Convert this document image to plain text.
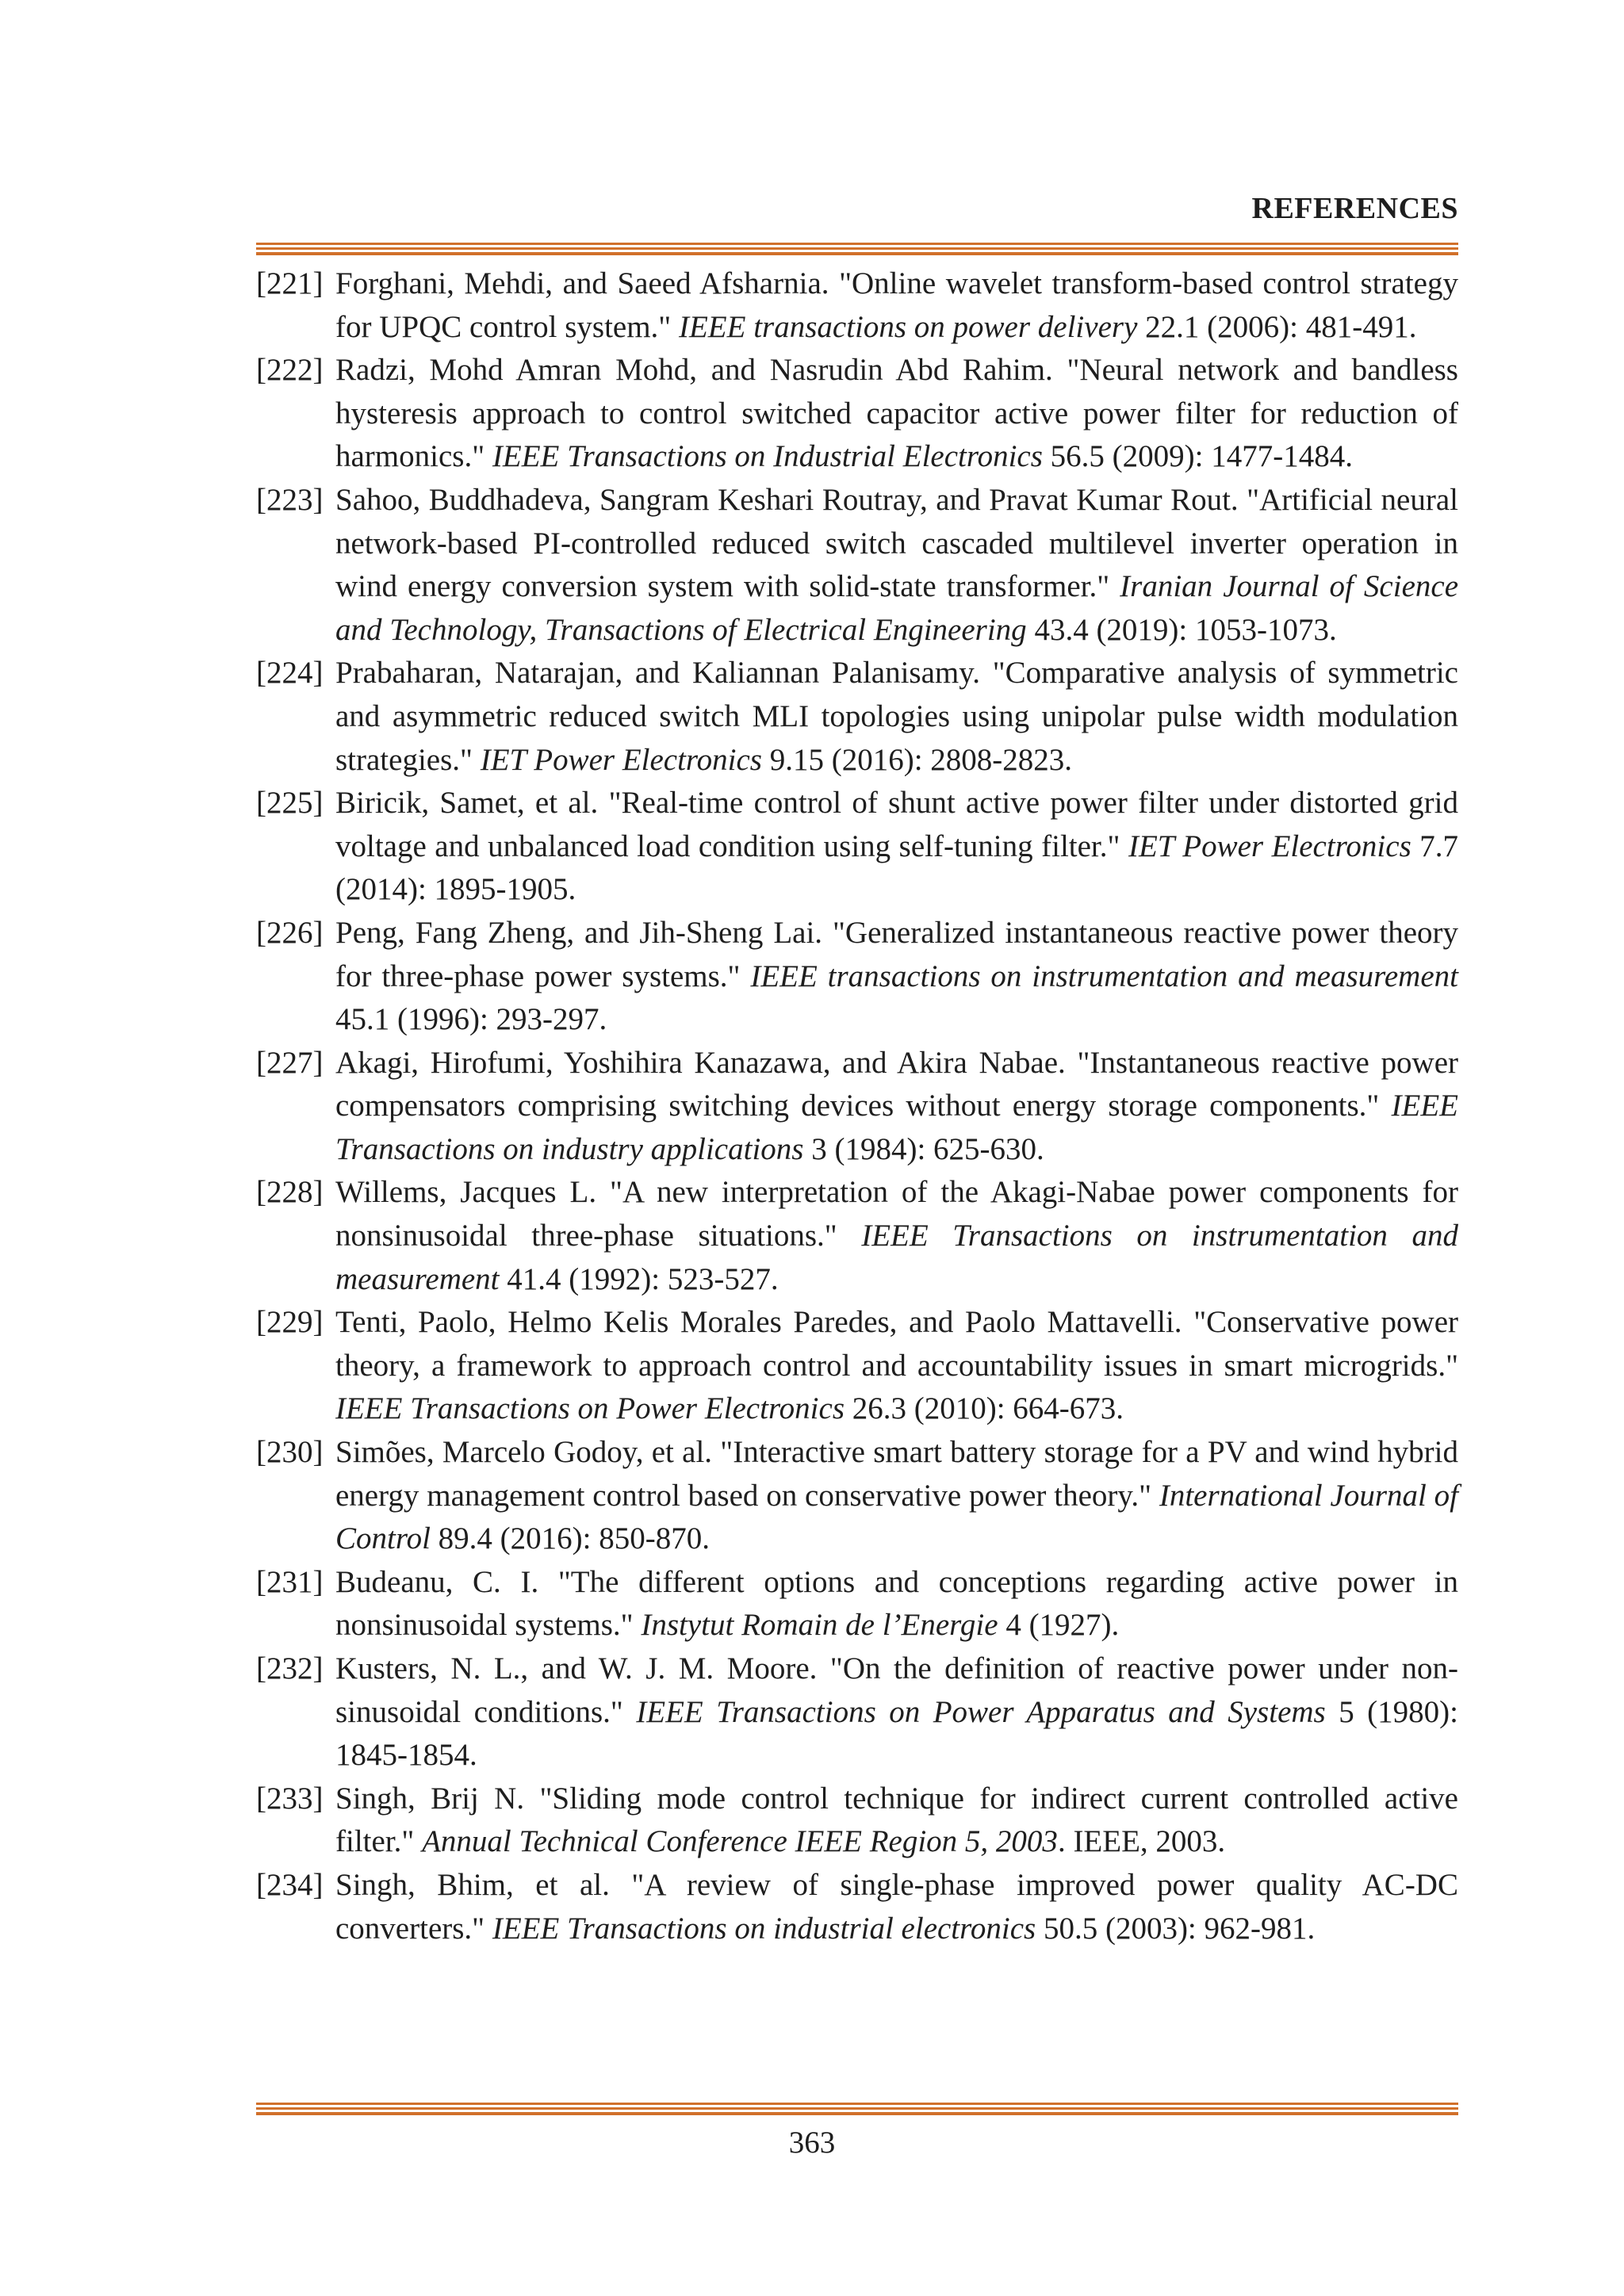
REFERENCES
[221] Forghani, Mehdi, and Saeed Afsharnia. "Online wavelet transform-based control strategy for UPQC control system." IEEE transactions on power delivery 22.1 (2006): 481-491.
[222] Radzi, Mohd Amran Mohd, and Nasrudin Abd Rahim. "Neural network and bandless hysteresis approach to control switched capacitor active power filter for reduction of harmonics." IEEE Transactions on Industrial Electronics 56.5 (2009): 1477-1484.
[223] Sahoo, Buddhadeva, Sangram Keshari Routray, and Pravat Kumar Rout. "Artificial neural network-based PI-controlled reduced switch cascaded multilevel inverter operation in wind energy conversion system with solid-state transformer." Iranian Journal of Science and Technology, Transactions of Electrical Engineering 43.4 (2019): 1053-1073.
[224] Prabaharan, Natarajan, and Kaliannan Palanisamy. "Comparative analysis of symmetric and asymmetric reduced switch MLI topologies using unipolar pulse width modulation strategies." IET Power Electronics 9.15 (2016): 2808-2823.
[225] Biricik, Samet, et al. "Real-time control of shunt active power filter under distorted grid voltage and unbalanced load condition using self-tuning filter." IET Power Electronics 7.7 (2014): 1895-1905.
[226] Peng, Fang Zheng, and Jih-Sheng Lai. "Generalized instantaneous reactive power theory for three-phase power systems." IEEE transactions on instrumentation and measurement 45.1 (1996): 293-297.
[227] Akagi, Hirofumi, Yoshihira Kanazawa, and Akira Nabae. "Instantaneous reactive power compensators comprising switching devices without energy storage components." IEEE Transactions on industry applications 3 (1984): 625-630.
[228] Willems, Jacques L. "A new interpretation of the Akagi-Nabae power components for nonsinusoidal three-phase situations." IEEE Transactions on instrumentation and measurement 41.4 (1992): 523-527.
[229] Tenti, Paolo, Helmo Kelis Morales Paredes, and Paolo Mattavelli. "Conservative power theory, a framework to approach control and accountability issues in smart microgrids." IEEE Transactions on Power Electronics 26.3 (2010): 664-673.
[230] Simões, Marcelo Godoy, et al. "Interactive smart battery storage for a PV and wind hybrid energy management control based on conservative power theory." International Journal of Control 89.4 (2016): 850-870.
[231] Budeanu, C. I. "The different options and conceptions regarding active power in nonsinusoidal systems." Instytut Romain de l’Energie 4 (1927).
[232] Kusters, N. L., and W. J. M. Moore. "On the definition of reactive power under non-sinusoidal conditions." IEEE Transactions on Power Apparatus and Systems 5 (1980): 1845-1854.
[233] Singh, Brij N. "Sliding mode control technique for indirect current controlled active filter." Annual Technical Conference IEEE Region 5, 2003. IEEE, 2003.
[234] Singh, Bhim, et al. "A review of single-phase improved power quality AC-DC converters." IEEE Transactions on industrial electronics 50.5 (2003): 962-981.
363
